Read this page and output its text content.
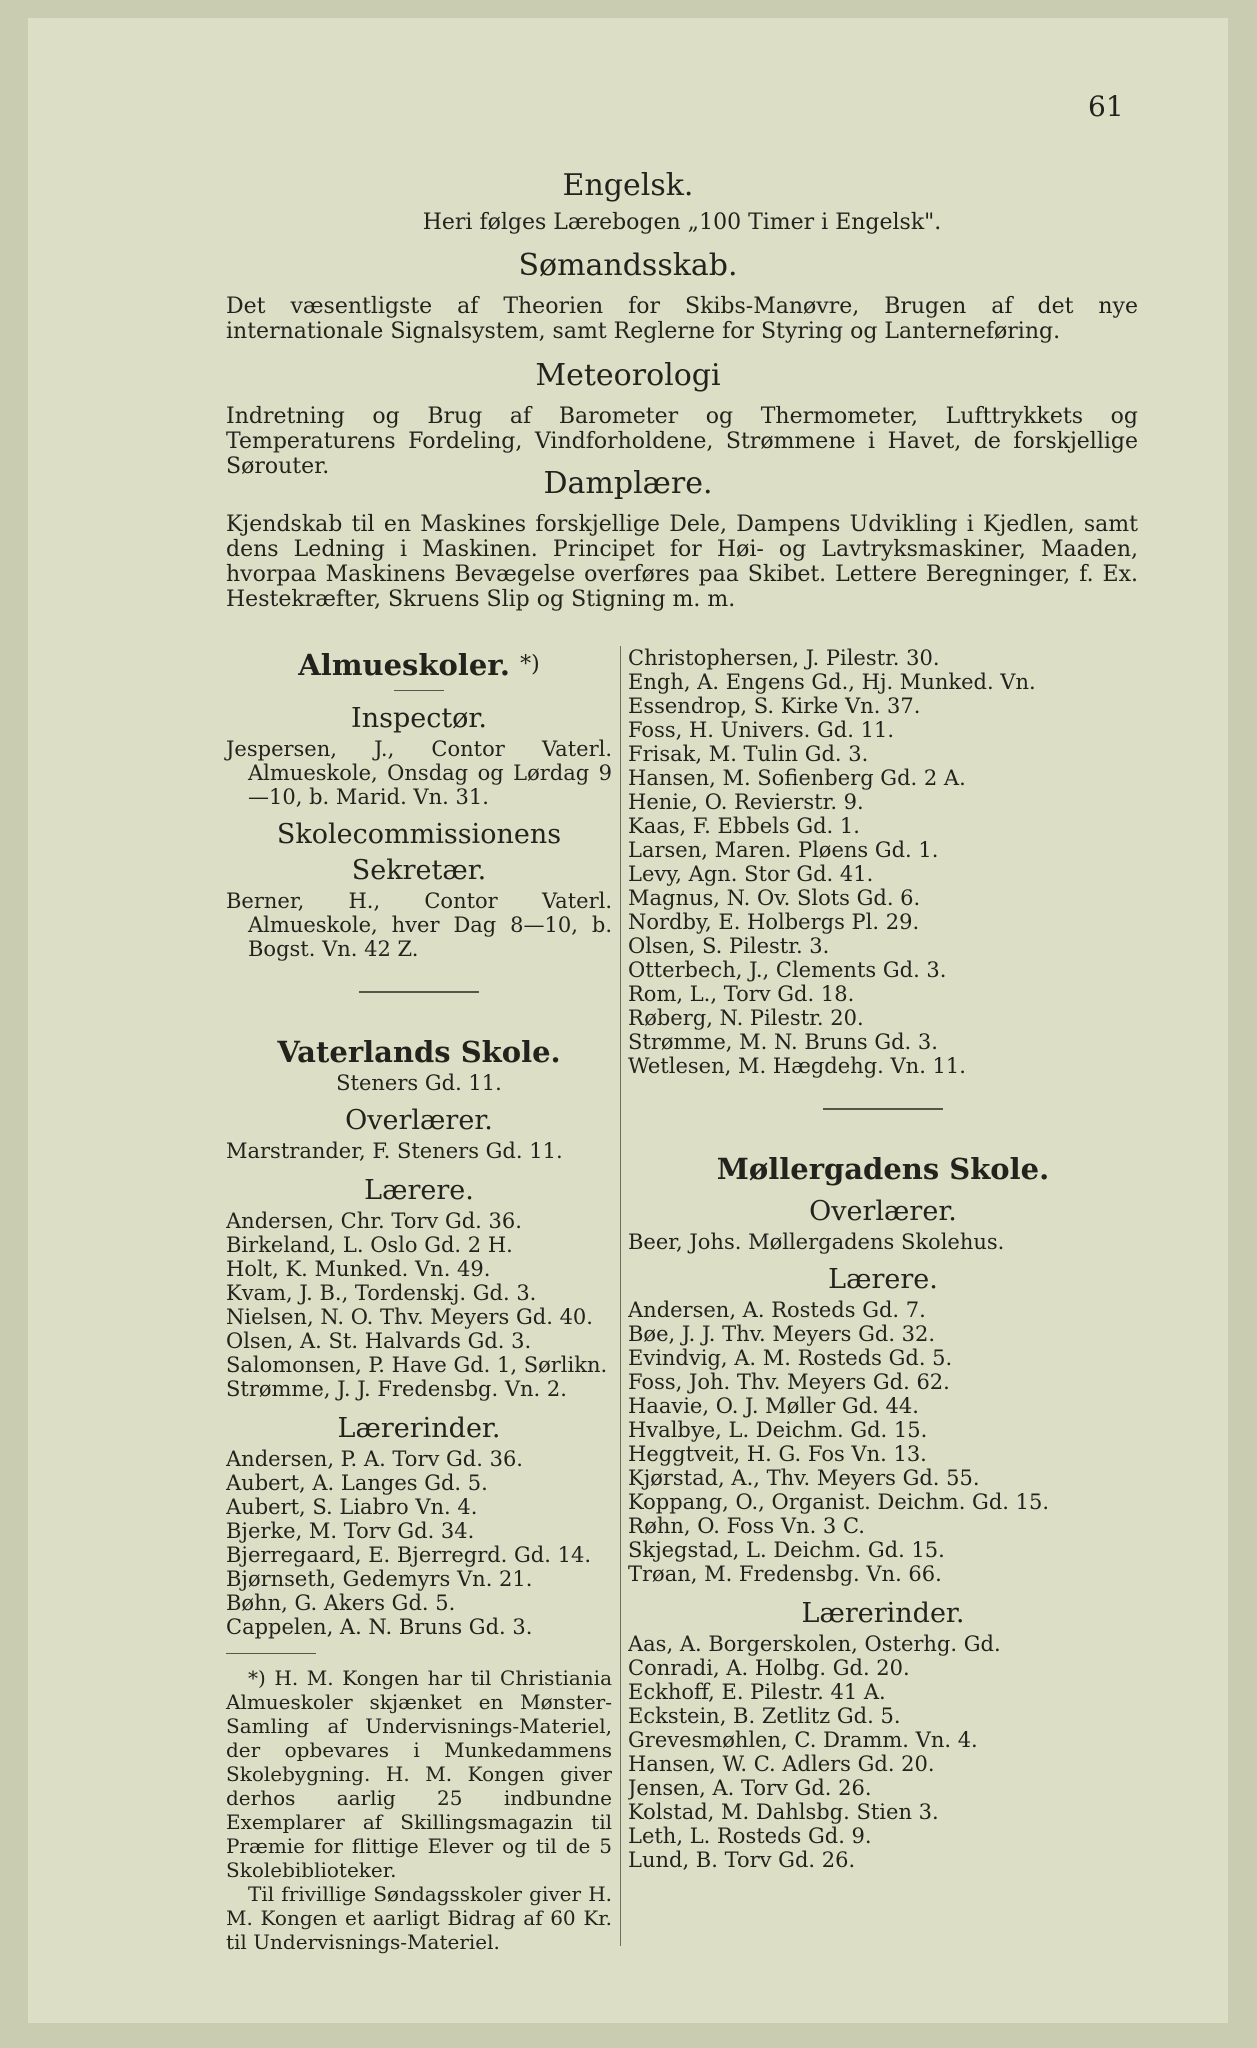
61
Engelsk.
Heri følges Lærebogen „100 Timer i Engelsk".
Sømandsskab.
Det væsentligste af Theorien for Skibs-Manøvre, Brugen af det nye internationale Signalsystem, samt Reglerne for Styring og Lanterneføring.
Meteorologi
Indretning og Brug af Barometer og Thermometer, Lufttrykkets og Temperaturens Fordeling, Vindforholdene, Strømmene i Havet, de forskjellige Sørouter.	Damplære.
Kjendskab til en Maskines forskjellige Dele, Dampens Udvikling i Kjedlen, samt dens Ledning i Maskinen. Principet for Høi- og Lavtryksmaskiner, Maaden, hvorpaa Maskinens Bevægelse overføres paa Skibet. Lettere Beregninger, f. Ex. Hestekræfter, Skruens Slip og Stigning m. m.
Almueskoler. *)
Inspectør.
Jespersen, J., Contor Vaterl. Almueskole, Onsdag og Lørdag 9—10, b. Marid. Vn. 31.
Skolecommissionens Sekretær.
Berner, H., Contor Vaterl. Almueskole, hver Dag 8—10, b. Bogst. Vn. 42 Z.
Vaterlands Skole.
Steners Gd. 11.
Overlærer.
Marstrander, F. Steners Gd. 11.
Lærere.
Andersen, Chr. Torv Gd. 36.
Birkeland, L. Oslo Gd. 2 H.
Holt, K. Munked. Vn. 49.
Kvam, J. B., Tordenskj. Gd. 3.
Nielsen, N. O. Thv. Meyers Gd. 40.
Olsen, A. St. Halvards Gd. 3.
Salomonsen, P. Have Gd. 1, Sørlikn.
Strømme, J. J. Fredensbg. Vn. 2.
Lærerinder.
Andersen, P. A. Torv Gd. 36.
Aubert, A. Langes Gd. 5.
Aubert, S. Liabro Vn. 4.
Bjerke, M. Torv Gd. 34.
Bjerregaard, E. Bjerregrd. Gd. 14.
Bjørnseth, Gedemyrs Vn. 21.
Bøhn, G. Akers Gd. 5.
Cappelen, A. N. Bruns Gd. 3.

*) H. M. Kongen har til Christiania Almueskoler skjænket en Mønster-Samling af Undervisnings-Materiel, der opbevares i Munkedammens Skolebygning. H. M. Kongen giver derhos aarlig 25 indbundne Exemplarer af Skillingsmagazin til Præmie for flittige Elever og til de 5 Skolebiblioteker.

Til frivillige Søndagsskoler giver H. M. Kongen et aarligt Bidrag af 60 Kr. til Undervisnings-Materiel.

Christophersen, J. Pilestr. 30.
Engh, A. Engens Gd., Hj. Munked. Vn.
Essendrop, S. Kirke Vn. 37.
Foss, H. Univers. Gd. 11.
Frisak, M. Tulin Gd. 3.
Hansen, M. Sofienberg Gd. 2 A.
Henie, O. Revierstr. 9.
Kaas, F. Ebbels Gd. 1.
Larsen, Maren. Pløens Gd. 1.
Levy, Agn. Stor Gd. 41.
Magnus, N. Ov. Slots Gd. 6.
Nordby, E. Holbergs Pl. 29.
Olsen, S. Pilestr. 3.
Otterbech, J., Clements Gd. 3.
Rom, L., Torv Gd. 18.
Røberg, N. Pilestr. 20.
Strømme, M. N. Bruns Gd. 3.
Wetlesen, M. Hægdehg. Vn. 11.
Møllergadens Skole.
Overlærer.
Beer, Johs. Møllergadens Skolehus.
Lærere.
Andersen, A. Rosteds Gd. 7.
Bøe, J. J. Thv. Meyers Gd. 32.
Evindvig, A. M. Rosteds Gd. 5.
Foss, Joh. Thv. Meyers Gd. 62.
Haavie, O. J. Møller Gd. 44.
Hvalbye, L. Deichm. Gd. 15.
Heggtveit, H. G. Fos Vn. 13.
Kjørstad, A., Thv. Meyers Gd. 55.
Koppang, O., Organist. Deichm. Gd. 15.
Røhn, O. Foss Vn. 3 C.
Skjegstad, L. Deichm. Gd. 15.
Trøan, M. Fredensbg. Vn. 66.
Lærerinder.
Aas, A. Borgerskolen, Osterhg. Gd.
Conradi, A. Holbg. Gd. 20.
Eckhoff, E. Pilestr. 41 A.
Eckstein, B. Zetlitz Gd. 5.
Grevesmøhlen, C. Dramm. Vn. 4.
Hansen, W. C. Adlers Gd. 20.
Jensen, A. Torv Gd. 26.
Kolstad, M. Dahlsbg. Stien 3.
Leth, L. Rosteds Gd. 9.
Lund, B. Torv Gd. 26.
